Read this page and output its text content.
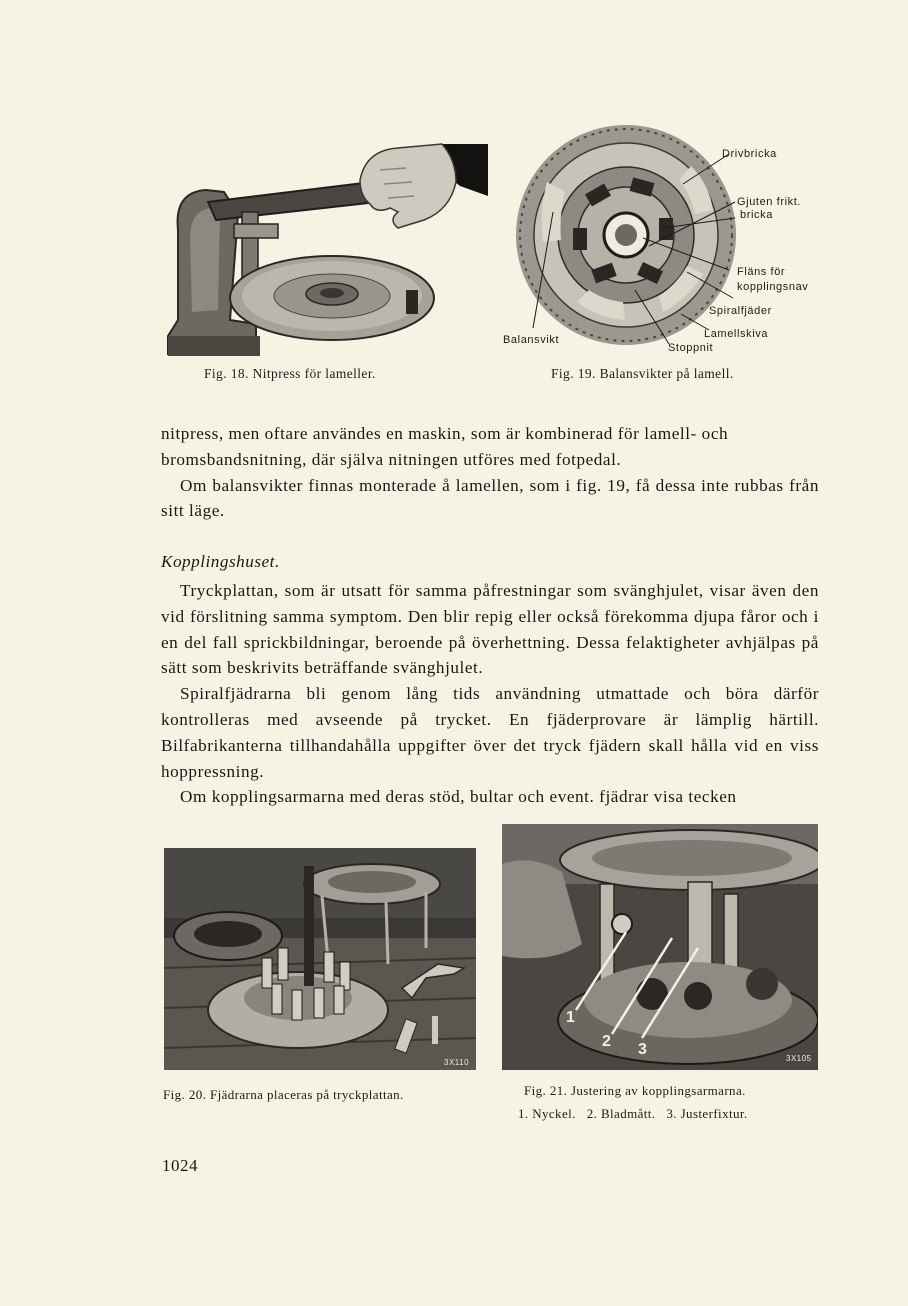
Fig. 18. Nitpress för lameller.
Drivbricka
Gjuten frikt.
bricka
Fläns för
kopplingsnav
Spiralfjäder
Lamellskiva
Stoppnit
Balansvikt
Fig. 19. Balansvikter på lamell.

nitpress, men oftare användes en maskin, som är kombinerad för lamell- och

bromsbandsnitning, där själva nitningen utföres med fotpedal.

Om balansvikter finnas monterade å lamellen, som i fig. 19, få dessa inte rubbas från sitt läge.

Kopplingshuset.

Tryckplattan, som är utsatt för samma påfrestningar som svänghjulet, visar även den vid förslitning samma symptom. Den blir repig eller också förekomma djupa fåror och i en del fall sprickbildningar, beroende på överhettning. Dessa felaktigheter avhjälpas på sätt som beskrivits beträffande svänghjulet.

Spiralfjädrarna bli genom lång tids användning utmattade och böra därför kontrolleras med avseende på trycket. En fjäderprovare är lämplig härtill. Bilfabrikanterna tillhandahålla uppgifter över det tryck fjädern skall hålla vid en viss hoppressning.

Om kopplingsarmarna med deras stöd, bultar och event. fjädrar visa tecken

3X110
Fig. 20. Fjädrarna placeras på tryckplattan.
1
2 3
3X105
Fig. 21. Justering av kopplingsarmarna.
1. Nyckel.   2. Bladmått.   3. Justerfixtur.
1024
